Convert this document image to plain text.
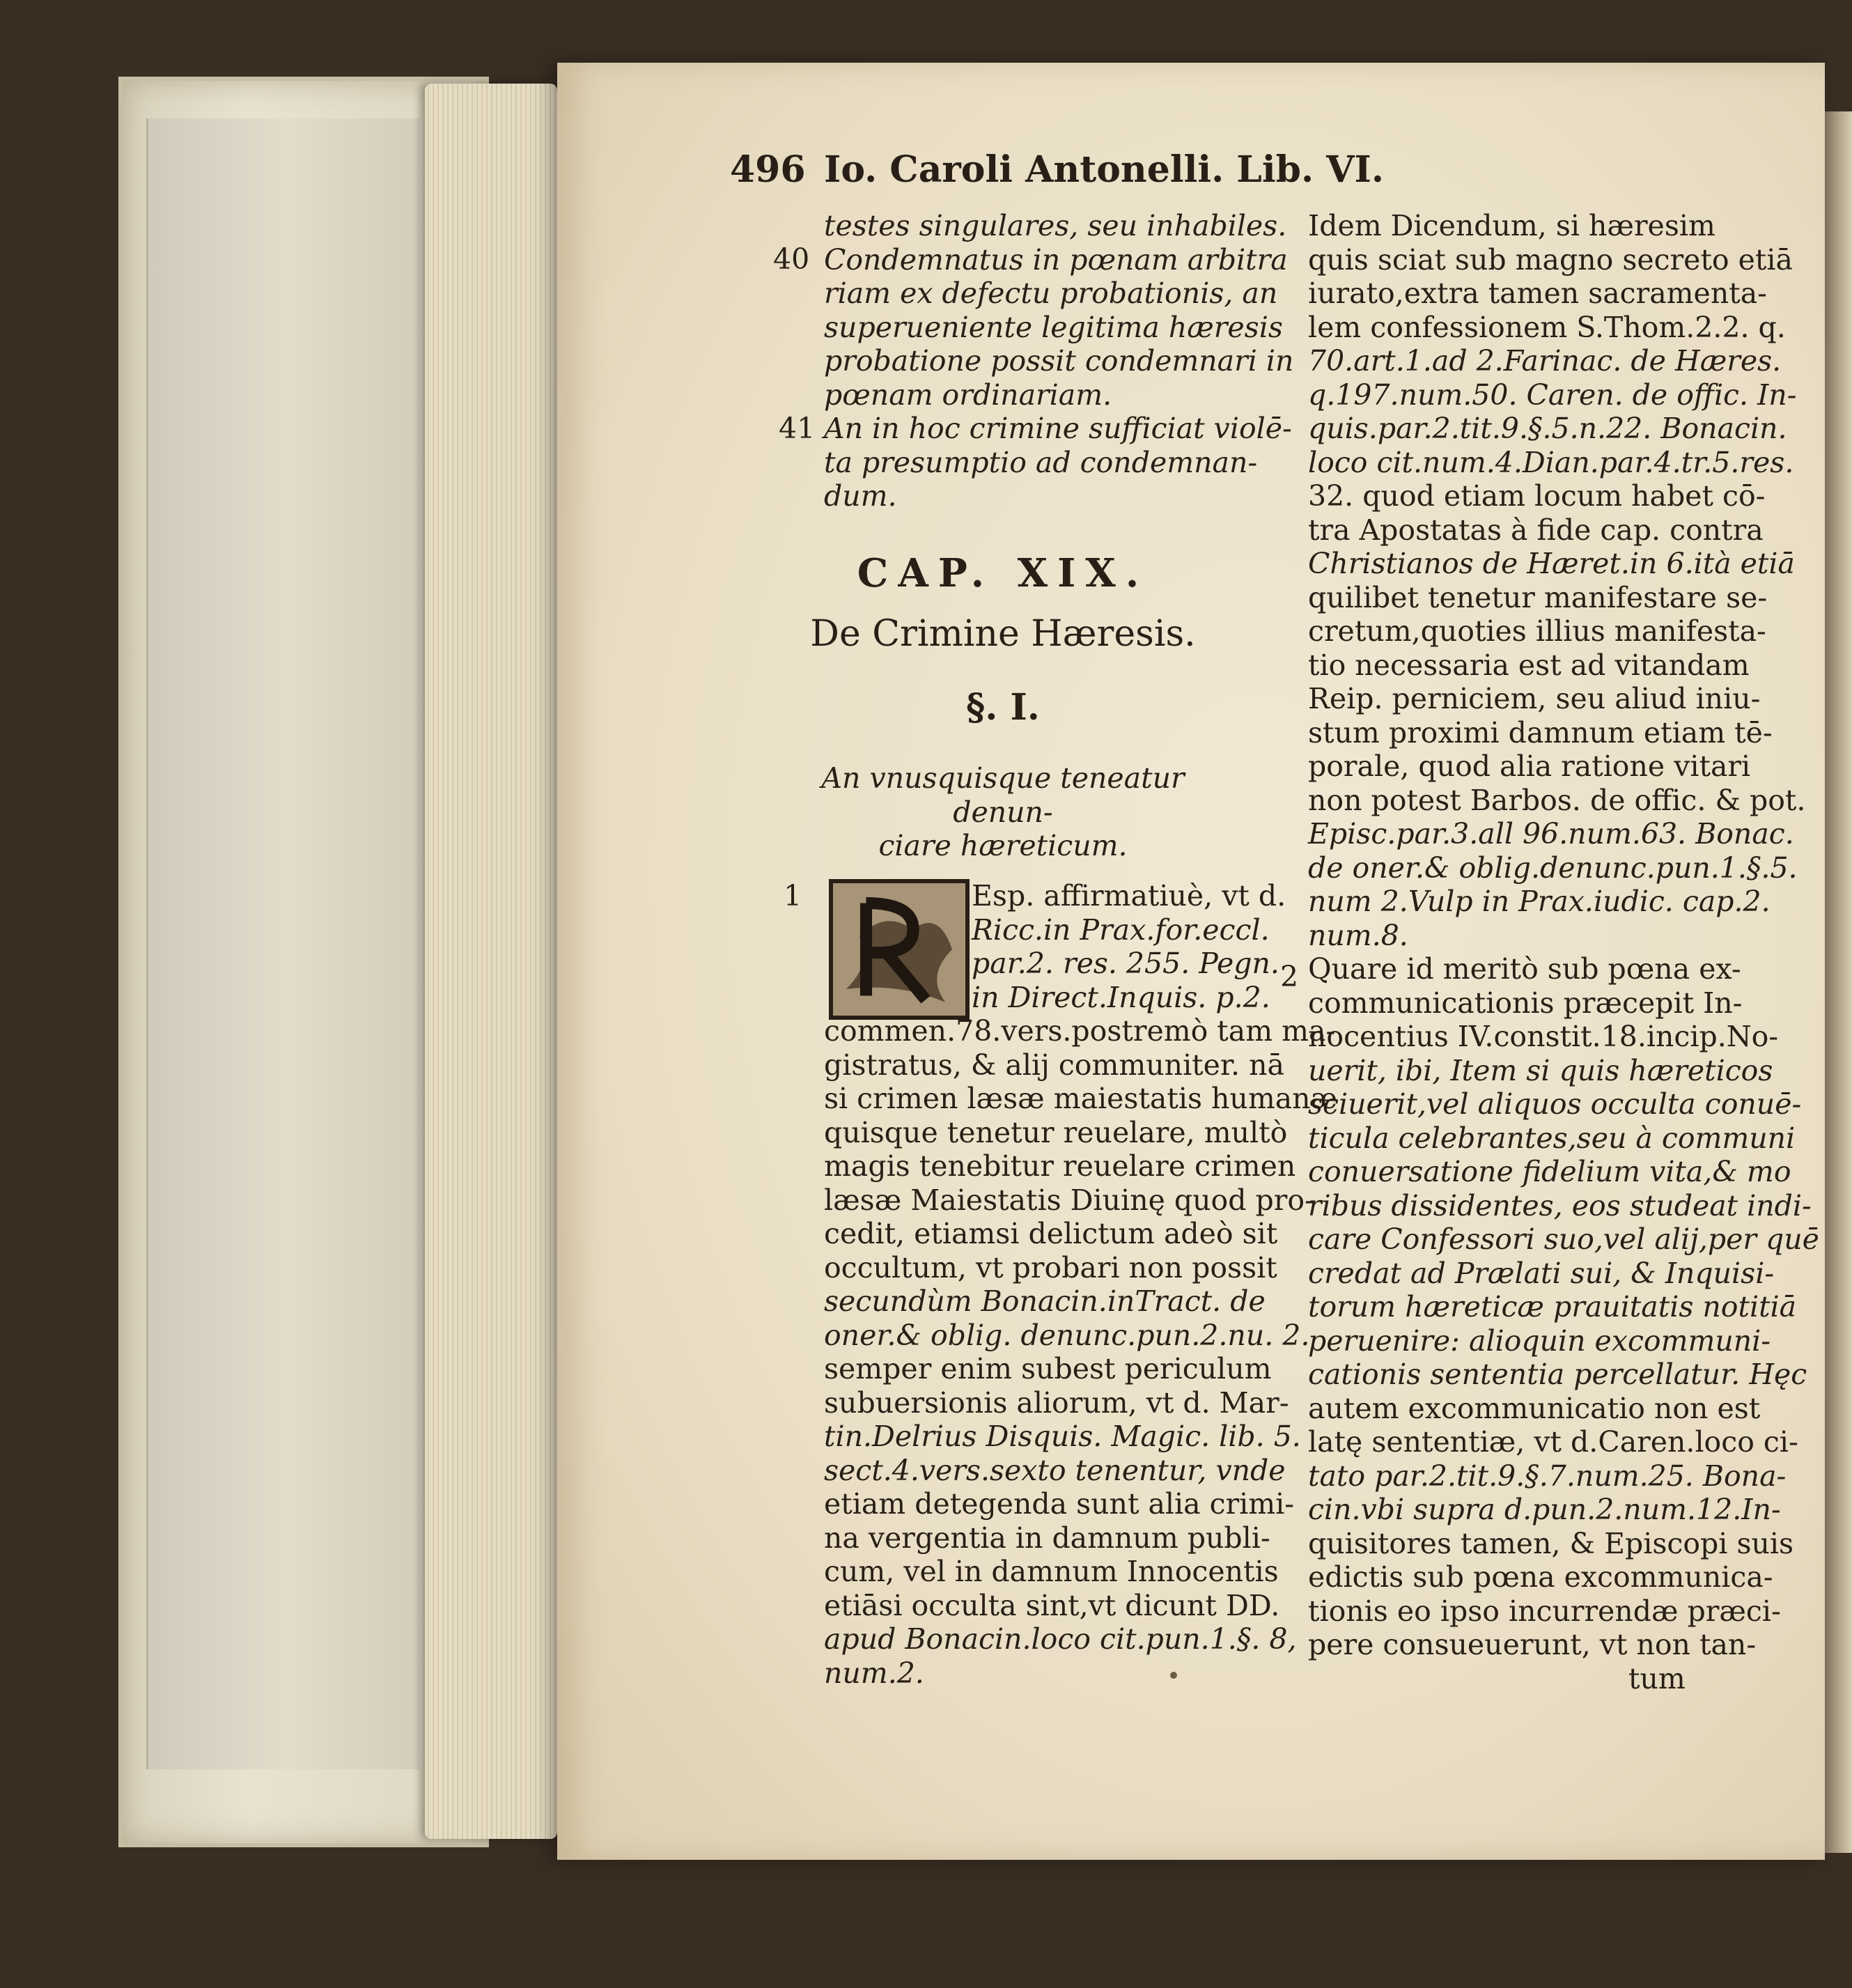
496 Io. Caroli Antonelli. Lib. VI.
testes singulares, seu inhabiles.
Condemnatus in pœnam arbitra
riam ex defectu probationis, an
superueniente legitima hæresis
probatione possit condemnari in
pœnam ordinariam.
An in hoc crimine sufficiat violē-
ta presumptio ad condemnan-
dum.
40
41
CAP. XIX.
De Crimine Hæresis.
§. I.
An vnusquisque teneatur denun-
ciare hæreticum.
1	Esp. affirmatiuè, vt d.
Ricc.in Prax.for.eccl.
par.2. res. 255. Pegn.
in Direct.Inquis. p.2.
commen.78.vers.postremò tam ma-
gistratus, & alij communiter. nā
si crimen læsæ maiestatis humanæ
quisque tenetur reuelare, multò
magis tenebitur reuelare crimen
læsæ Maiestatis Diuinę quod pro-
cedit, etiamsi delictum adeò sit
occultum, vt probari non possit
secundùm Bonacin.inTract. de
oner.& oblig. denunc.pun.2.nu. 2.
semper enim subest periculum
subuersionis aliorum, vt d. Mar-
tin.Delrius Disquis. Magic. lib. 5.
sect.4.vers.sexto tenentur, vnde
etiam detegenda sunt alia crimi-
na vergentia in damnum publi-
cum, vel in damnum Innocentis
etiāsi occulta sint,vt dicunt DD.
apud Bonacin.loco cit.pun.1.§. 8,
num.2.
Idem Dicendum, si hæresim
quis sciat sub magno secreto etiā
iurato,extra tamen sacramenta-
lem confessionem S.Thom.2.2. q.
70.art.1.ad 2.Farinac. de Hæres.
q.197.num.50. Caren. de offic. In-
quis.par.2.tit.9.§.5.n.22. Bonacin.
loco cit.num.4.Dian.par.4.tr.5.res.
32. quod etiam locum habet cō-
tra Apostatas à fide cap. contra
Christianos de Hæret.in 6.ità etiā
quilibet tenetur manifestare se-
cretum,quoties illius manifesta-
tio necessaria est ad vitandam
Reip. perniciem, seu aliud iniu-
stum proximi damnum etiam tē-
porale, quod alia ratione vitari
non potest Barbos. de offic. & pot.
Episc.par.3.all 96.num.63. Bonac.
de oner.& oblig.denunc.pun.1.§.5.
num 2.Vulp in Prax.iudic. cap.2.
num.8.
Quare id meritò sub pœna ex-
communicationis præcepit In-
nocentius IV.constit.18.incip.No-
uerit, ibi, Item si quis hæreticos
sciuerit,vel aliquos occulta conuē-
ticula celebrantes,seu à communi
conuersatione fidelium vita,& mo
ribus dissidentes, eos studeat indi-
care Confessori suo,vel alij,per quē
credat ad Prælati sui, & Inquisi-
torum hæreticæ prauitatis notitiā
peruenire: alioquin excommuni-
cationis sententia percellatur. Hęc
autem excommunicatio non est
latę sententiæ, vt d.Caren.loco ci-
tato par.2.tit.9.§.7.num.25. Bona-
cin.vbi supra d.pun.2.num.12.In-
quisitores tamen, & Episcopi suis
edictis sub pœna excommunica-
tionis eo ipso incurrendæ præci-
pere consueuerunt, vt non tan-
tum
2
